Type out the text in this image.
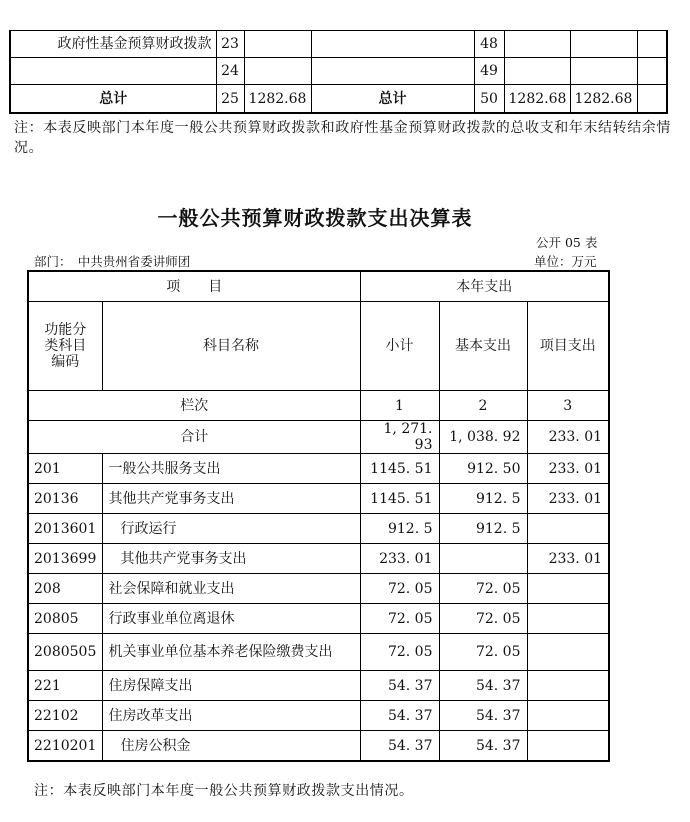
政府性基金预算财政拨款	23			48			
	24			49			
总计	25	1282.68	总计	50	1282.68	1282.68	
注：本表反映部门本年度一般公共预算财政拨款和政府性基金预算财政拨款的总收支和年末结转结余情况。
一般公共预算财政拨款支出决算表
公开 05 表
部门：　中共贵州省委讲师团	单位：万元
项　　目		本年支出		
功能分类科目编码	科目名称	小计	基本支出	项目支出
栏次		1	2	3
合计		1, 271. 93	1, 038. 92	233. 01
201	一般公共服务支出	1145. 51	912. 50	233. 01
20136	其他共产党事务支出	1145. 51	912. 5	233. 01
2013601	行政运行	912. 5	912. 5	
2013699	其他共产党事务支出	233. 01		233. 01
208	社会保障和就业支出	72. 05	72. 05	
20805	行政事业单位离退休	72. 05	72. 05	
2080505	机关事业单位基本养老保险缴费支出	72. 05	72. 05	
221	住房保障支出	54. 37	54. 37	
22102	住房改革支出	54. 37	54. 37	
2210201	住房公积金	54. 37	54. 37	
注：本表反映部门本年度一般公共预算财政拨款支出情况。
